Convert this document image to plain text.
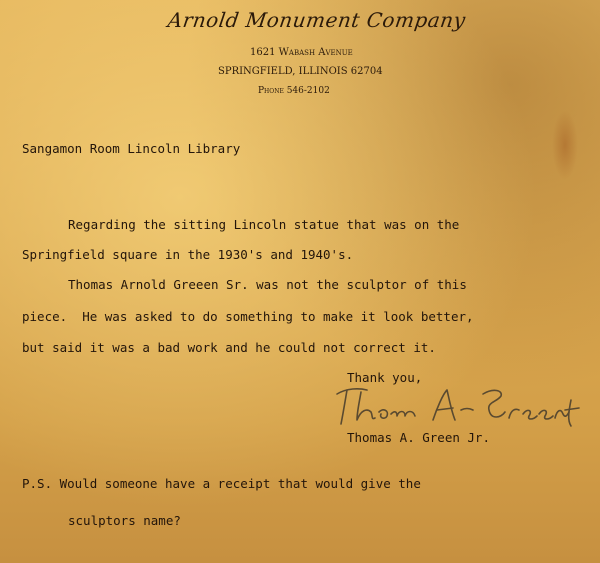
Arnold Monument Company
1621 Wabash Avenue
SPRINGFIELD, ILLINOIS 62704
Phone 546-2102
Sangamon Room Lincoln Library
Regarding the sitting Lincoln statue that was on the
Springfield square in the 1930's and 1940's.
Thomas Arnold Greeen Sr. was not the sculptor of this
piece.  He was asked to do something to make it look better,
but said it was a bad work and he could not correct it.
Thank you,
Thomas A. Green Jr.
P.S. Would someone have a receipt that would give the
sculptors name?
